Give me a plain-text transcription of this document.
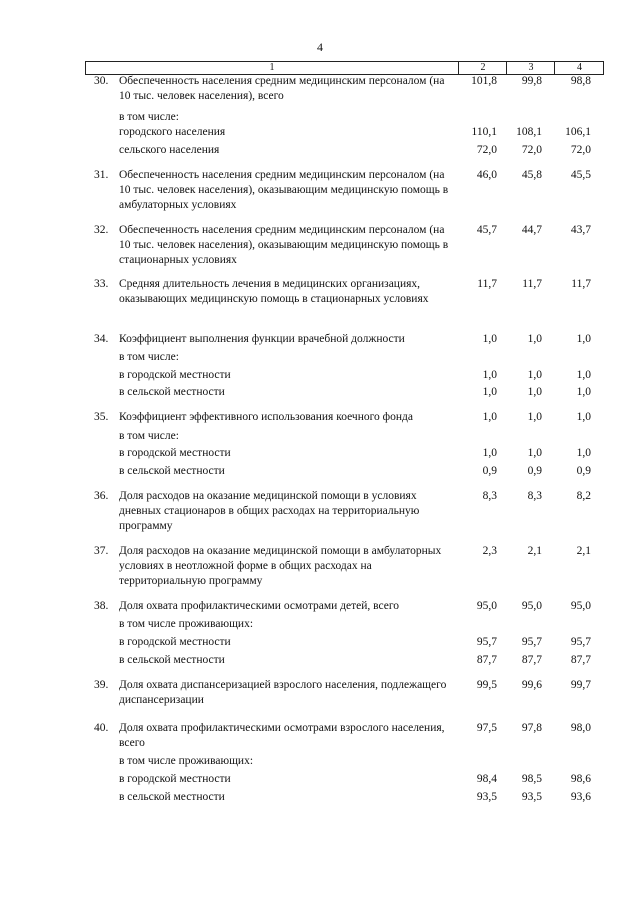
4
1	2	3	4
30. Обеспеченность населения средним медицинским персоналом (на 10 тыс. человек населения), всего
101,8	99,8	98,8
в том числе:
городского населения	110,1	108,1	106,1
сельского населения	72,0	72,0	72,0
31. Обеспеченность населения средним медицинским персоналом (на 10 тыс. человек населения), оказывающим медицинскую помощь в амбулаторных условиях
46,0	45,8	45,5
32. Обеспеченность населения средним медицинским персоналом (на 10 тыс. человек населения), оказывающим медицинскую помощь в стационарных условиях
45,7	44,7	43,7
33. Средняя длительность лечения в медицинских организациях, оказывающих медицинскую помощь в стационарных условиях
11,7	11,7	11,7
34. Коэффициент выполнения функции врачебной должности	1,0	1,0	1,0
в том числе:
в городской местности	1,0	1,0	1,0
в сельской местности	1,0	1,0	1,0
35. Коэффициент эффективного использования коечного фонда	1,0	1,0	1,0
в том числе:
в городской местности	1,0	1,0	1,0
в сельской местности	0,9	0,9	0,9
36. Доля расходов на оказание медицинской помощи в условиях дневных стационаров в общих расходах на территориальную программу
8,3	8,3	8,2
37. Доля расходов на оказание медицинской помощи в амбулаторных условиях в неотложной форме в общих расходах на территориальную программу
2,3	2,1	2,1
38. Доля охвата профилактическими осмотрами детей, всего	95,0	95,0	95,0
в том числе проживающих:
в городской местности	95,7	95,7	95,7
в сельской местности	87,7	87,7	87,7
39. Доля охвата диспансеризацией взрослого населения, подлежащего диспансеризации
99,5	99,6	99,7
40. Доля охвата профилактическими осмотрами взрослого населения, всего
97,5	97,8	98,0
в том числе проживающих:
в городской местности	98,4	98,5	98,6
в сельской местности	93,5	93,5	93,6
